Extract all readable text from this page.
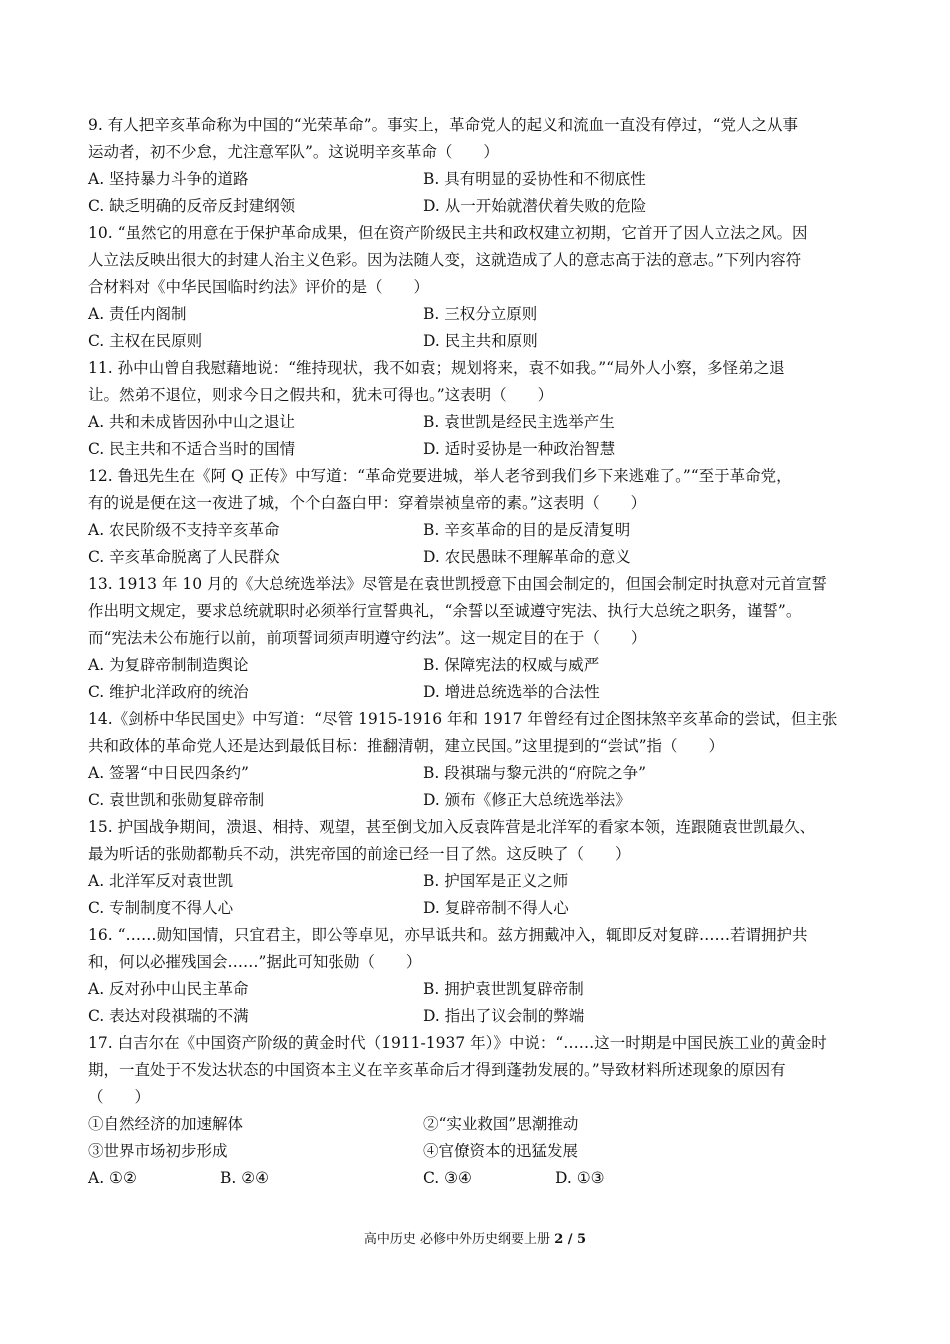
9. 有人把辛亥革命称为中国的“光荣革命”。事实上，革命党人的起义和流血一直没有停过，“党人之从事
运动者，初不少怠，尤注意军队”。这说明辛亥革命（　　）
A. 坚持暴力斗争的道路	B. 具有明显的妥协性和不彻底性
C. 缺乏明确的反帝反封建纲领	D. 从一开始就潜伏着失败的危险
10. “虽然它的用意在于保护革命成果，但在资产阶级民主共和政权建立初期，它首开了因人立法之风。因
人立法反映出很大的封建人治主义色彩。因为法随人变，这就造成了人的意志高于法的意志。”下列内容符
合材料对《中华民国临时约法》评价的是（　　）
A. 责任内阁制	B. 三权分立原则
C. 主权在民原则	D. 民主共和原则
11. 孙中山曾自我慰藉地说：“维持现状，我不如袁；规划将来，袁不如我。”“局外人小察，多怪弟之退
让。然弟不退位，则求今日之假共和，犹未可得也。”这表明（　　）
A. 共和未成皆因孙中山之退让	B. 袁世凯是经民主选举产生
C. 民主共和不适合当时的国情	D. 适时妥协是一种政治智慧
12. 鲁迅先生在《阿 Q 正传》中写道：“革命党要进城，举人老爷到我们乡下来逃难了。”“至于革命党，
有的说是便在这一夜进了城，个个白盔白甲：穿着崇祯皇帝的素。”这表明（　　）
A. 农民阶级不支持辛亥革命	B. 辛亥革命的目的是反清复明
C. 辛亥革命脱离了人民群众	D. 农民愚昧不理解革命的意义
13. 1913 年 10 月的《大总统选举法》尽管是在袁世凯授意下由国会制定的，但国会制定时执意对元首宣誓
作出明文规定，要求总统就职时必须举行宣誓典礼，“余誓以至诚遵守宪法、执行大总统之职务，谨誓”。
而“宪法未公布施行以前，前项誓词须声明遵守约法”。这一规定目的在于（　　）
A. 为复辟帝制制造舆论	B. 保障宪法的权威与威严
C. 维护北洋政府的统治	D. 增进总统选举的合法性
14.《剑桥中华民国史》中写道：“尽管 1915-1916 年和 1917 年曾经有过企图抹煞辛亥革命的尝试，但主张
共和政体的革命党人还是达到最低目标：推翻清朝，建立民国。”这里提到的“尝试”指（　　）
A. 签署“中日民四条约”	B. 段祺瑞与黎元洪的“府院之争”
C. 袁世凯和张勋复辟帝制	D. 颁布《修正大总统选举法》
15. 护国战争期间，溃退、相持、观望，甚至倒戈加入反袁阵营是北洋军的看家本领，连跟随袁世凯最久、
最为听话的张勋都勒兵不动，洪宪帝国的前途已经一目了然。这反映了（　　）
A. 北洋军反对袁世凯	B. 护国军是正义之师
C. 专制制度不得人心	D. 复辟帝制不得人心
16. “……勋知国情，只宜君主，即公等卓见，亦早诋共和。兹方拥戴冲入，辄即反对复辟……若谓拥护共
和，何以必摧残国会……”据此可知张勋（　　）
A. 反对孙中山民主革命	B. 拥护袁世凯复辟帝制
C. 表达对段祺瑞的不满	D. 指出了议会制的弊端
17. 白吉尔在《中国资产阶级的黄金时代（1911-1937 年）》中说：“……这一时期是中国民族工业的黄金时
期，一直处于不发达状态的中国资本主义在辛亥革命后才得到蓬勃发展的。”导致材料所述现象的原因有
（　　）
①自然经济的加速解体	②“实业救国”思潮推动
③世界市场初步形成	④官僚资本的迅猛发展
A. ①②	B. ②④	C. ③④	D. ①③
高中历史 必修中外历史纲要上册 2 / 5
